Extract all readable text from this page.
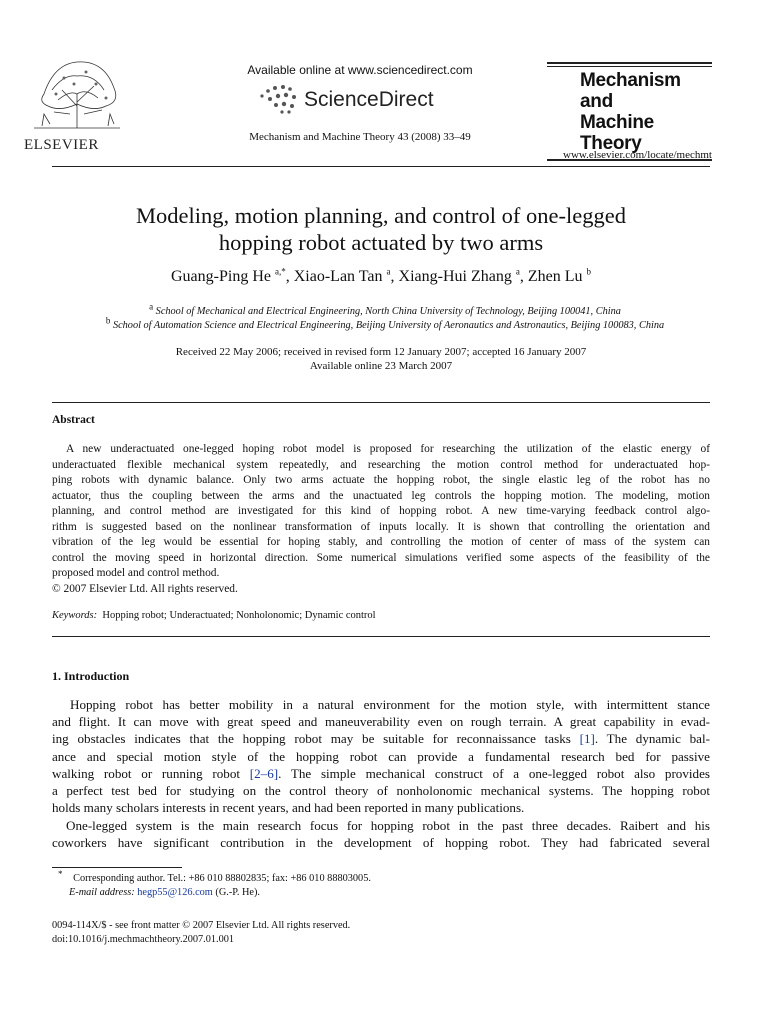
ELSEVIER
Available online at www.sciencedirect.com
ScienceDirect
Mechanism and Machine Theory 43 (2008) 33–49
Mechanism
and
Machine Theory
www.elsevier.com/locate/mechmt
Modeling, motion planning, and control of one-legged
hopping robot actuated by two arms
Guang-Ping He $^{a,*}$, Xiao-Lan Tan $^a$, Xiang-Hui Zhang $^a$, Zhen Lu $^b$
$^a$ School of Mechanical and Electrical Engineering, North China University of Technology, Beijing 100041, China
$^b$ School of Automation Science and Electrical Engineering, Beijing University of Aeronautics and Astronautics, Beijing 100083, China
Received 22 May 2006; received in revised form 12 January 2007; accepted 16 January 2007
Available online 23 March 2007
Abstract
A new underactuated one-legged hoping robot model is proposed for researching the utilization of the elastic energy of
underactuated flexible mechanical system repeatedly, and researching the motion control method for underactuated hop-
ping robots with dynamic balance. Only two arms actuate the hopping robot, the single elastic leg of the robot has no
actuator, thus the coupling between the arms and the unactuated leg controls the hopping motion. The modeling, motion
planning, and control method are investigated for this kind of hopping robot. A new time-varying feedback control algo-
rithm is suggested based on the nonlinear transformation of inputs locally. It is shown that controlling the orientation and
vibration of the leg would be essential for hoping stably, and controlling the motion of center of mass of the system can
control the moving speed in horizontal direction. Some numerical simulations verified some aspects of the feasibility of the
proposed model and control method.
© 2007 Elsevier Ltd. All rights reserved.
Keywords: Hopping robot; Underactuated; Nonholonomic; Dynamic control
1. Introduction
Hopping robot has better mobility in a natural environment for the motion style, with intermittent stance
and flight. It can move with great speed and maneuverability even on rough terrain. A great capability in evad-
ing obstacles indicates that the hopping robot may be suitable for reconnaissance tasks [1]. The dynamic bal-
ance and special motion style of the hopping robot can provide a fundamental research bed for passive
walking robot or running robot [2–6]. The simple mechanical construct of a one-legged robot also provides
a perfect test bed for studying on the control theory of nonholonomic mechanical systems. The hopping robot
holds many scholars interests in recent years, and had been reported in many publications.
One-legged system is the main research focus for hopping robot in the past three decades. Raibert and his
coworkers have significant contribution in the development of hopping robot. They had fabricated several
* Corresponding author. Tel.: +86 010 88802835; fax: +86 010 88803005.
E-mail address: hegp55@126.com (G.-P. He).
0094-114X/$ - see front matter © 2007 Elsevier Ltd. All rights reserved.
doi:10.1016/j.mechmachtheory.2007.01.001
